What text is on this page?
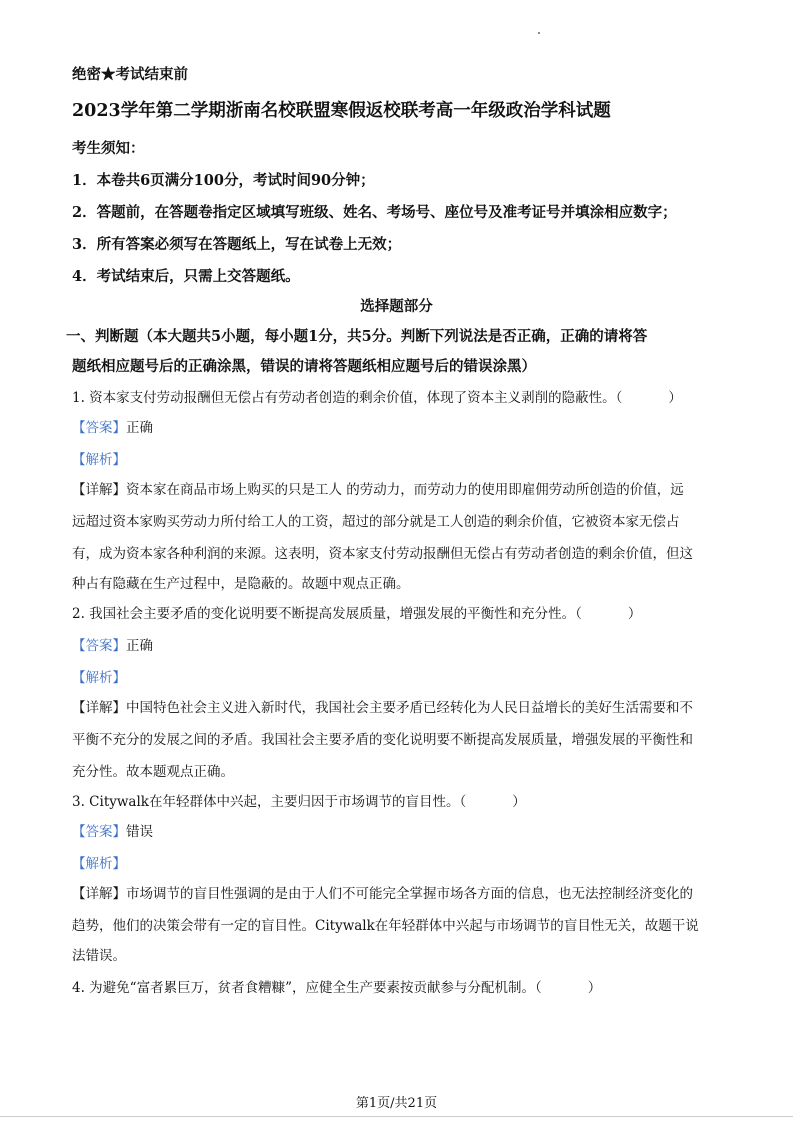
绝密★考试结束前
2023学年第二学期浙南名校联盟寒假返校联考高一年级政治学科试题
考生须知：
1．本卷共6页满分100分，考试时间90分钟；
2．答题前，在答题卷指定区域填写班级、姓名、考场号、座位号及准考证号并填涂相应数字；
3．所有答案必须写在答题纸上，写在试卷上无效；
4．考试结束后，只需上交答题纸。
选择题部分
一、判断题（本大题共5小题，每小题1分，共5分。判断下列说法是否正确，正确的请将答
题纸相应题号后的正确涂黑，错误的请将答题纸相应题号后的错误涂黑）
1. 资本家支付劳动报酬但无偿占有劳动者创造的剩余价值，体现了资本主义剥削的隐蔽性。（	）
【答案】正确
【解析】
【详解】资本家在商品市场上购买的只是工人 的劳动力，而劳动力的使用即雇佣劳动所创造的价值，远
远超过资本家购买劳动力所付给工人的工资，超过的部分就是工人创造的剩余价值，它被资本家无偿占
有，成为资本家各种利润的来源。这表明，资本家支付劳动报酬但无偿占有劳动者创造的剩余价值，但这
种占有隐藏在生产过程中，是隐蔽的。故题中观点正确。
2. 我国社会主要矛盾的变化说明要不断提高发展质量，增强发展的平衡性和充分性。（	）
【答案】正确
【解析】
【详解】中国特色社会主义进入新时代，我国社会主要矛盾已经转化为人民日益增长的美好生活需要和不
平衡不充分的发展之间的矛盾。我国社会主要矛盾的变化说明要不断提高发展质量，增强发展的平衡性和
充分性。故本题观点正确。
3. Citywalk在年轻群体中兴起，主要归因于市场调节的盲目性。（	）
【答案】错误
【解析】
【详解】市场调节的盲目性强调的是由于人们不可能完全掌握市场各方面的信息，也无法控制经济变化的
趋势，他们的决策会带有一定的盲目性。Citywalk在年轻群体中兴起与市场调节的盲目性无关，故题干说
法错误。
4. 为避免“富者累巨万，贫者食糟糠”，应健全生产要素按贡献参与分配机制。（	）
第1页/共21页
